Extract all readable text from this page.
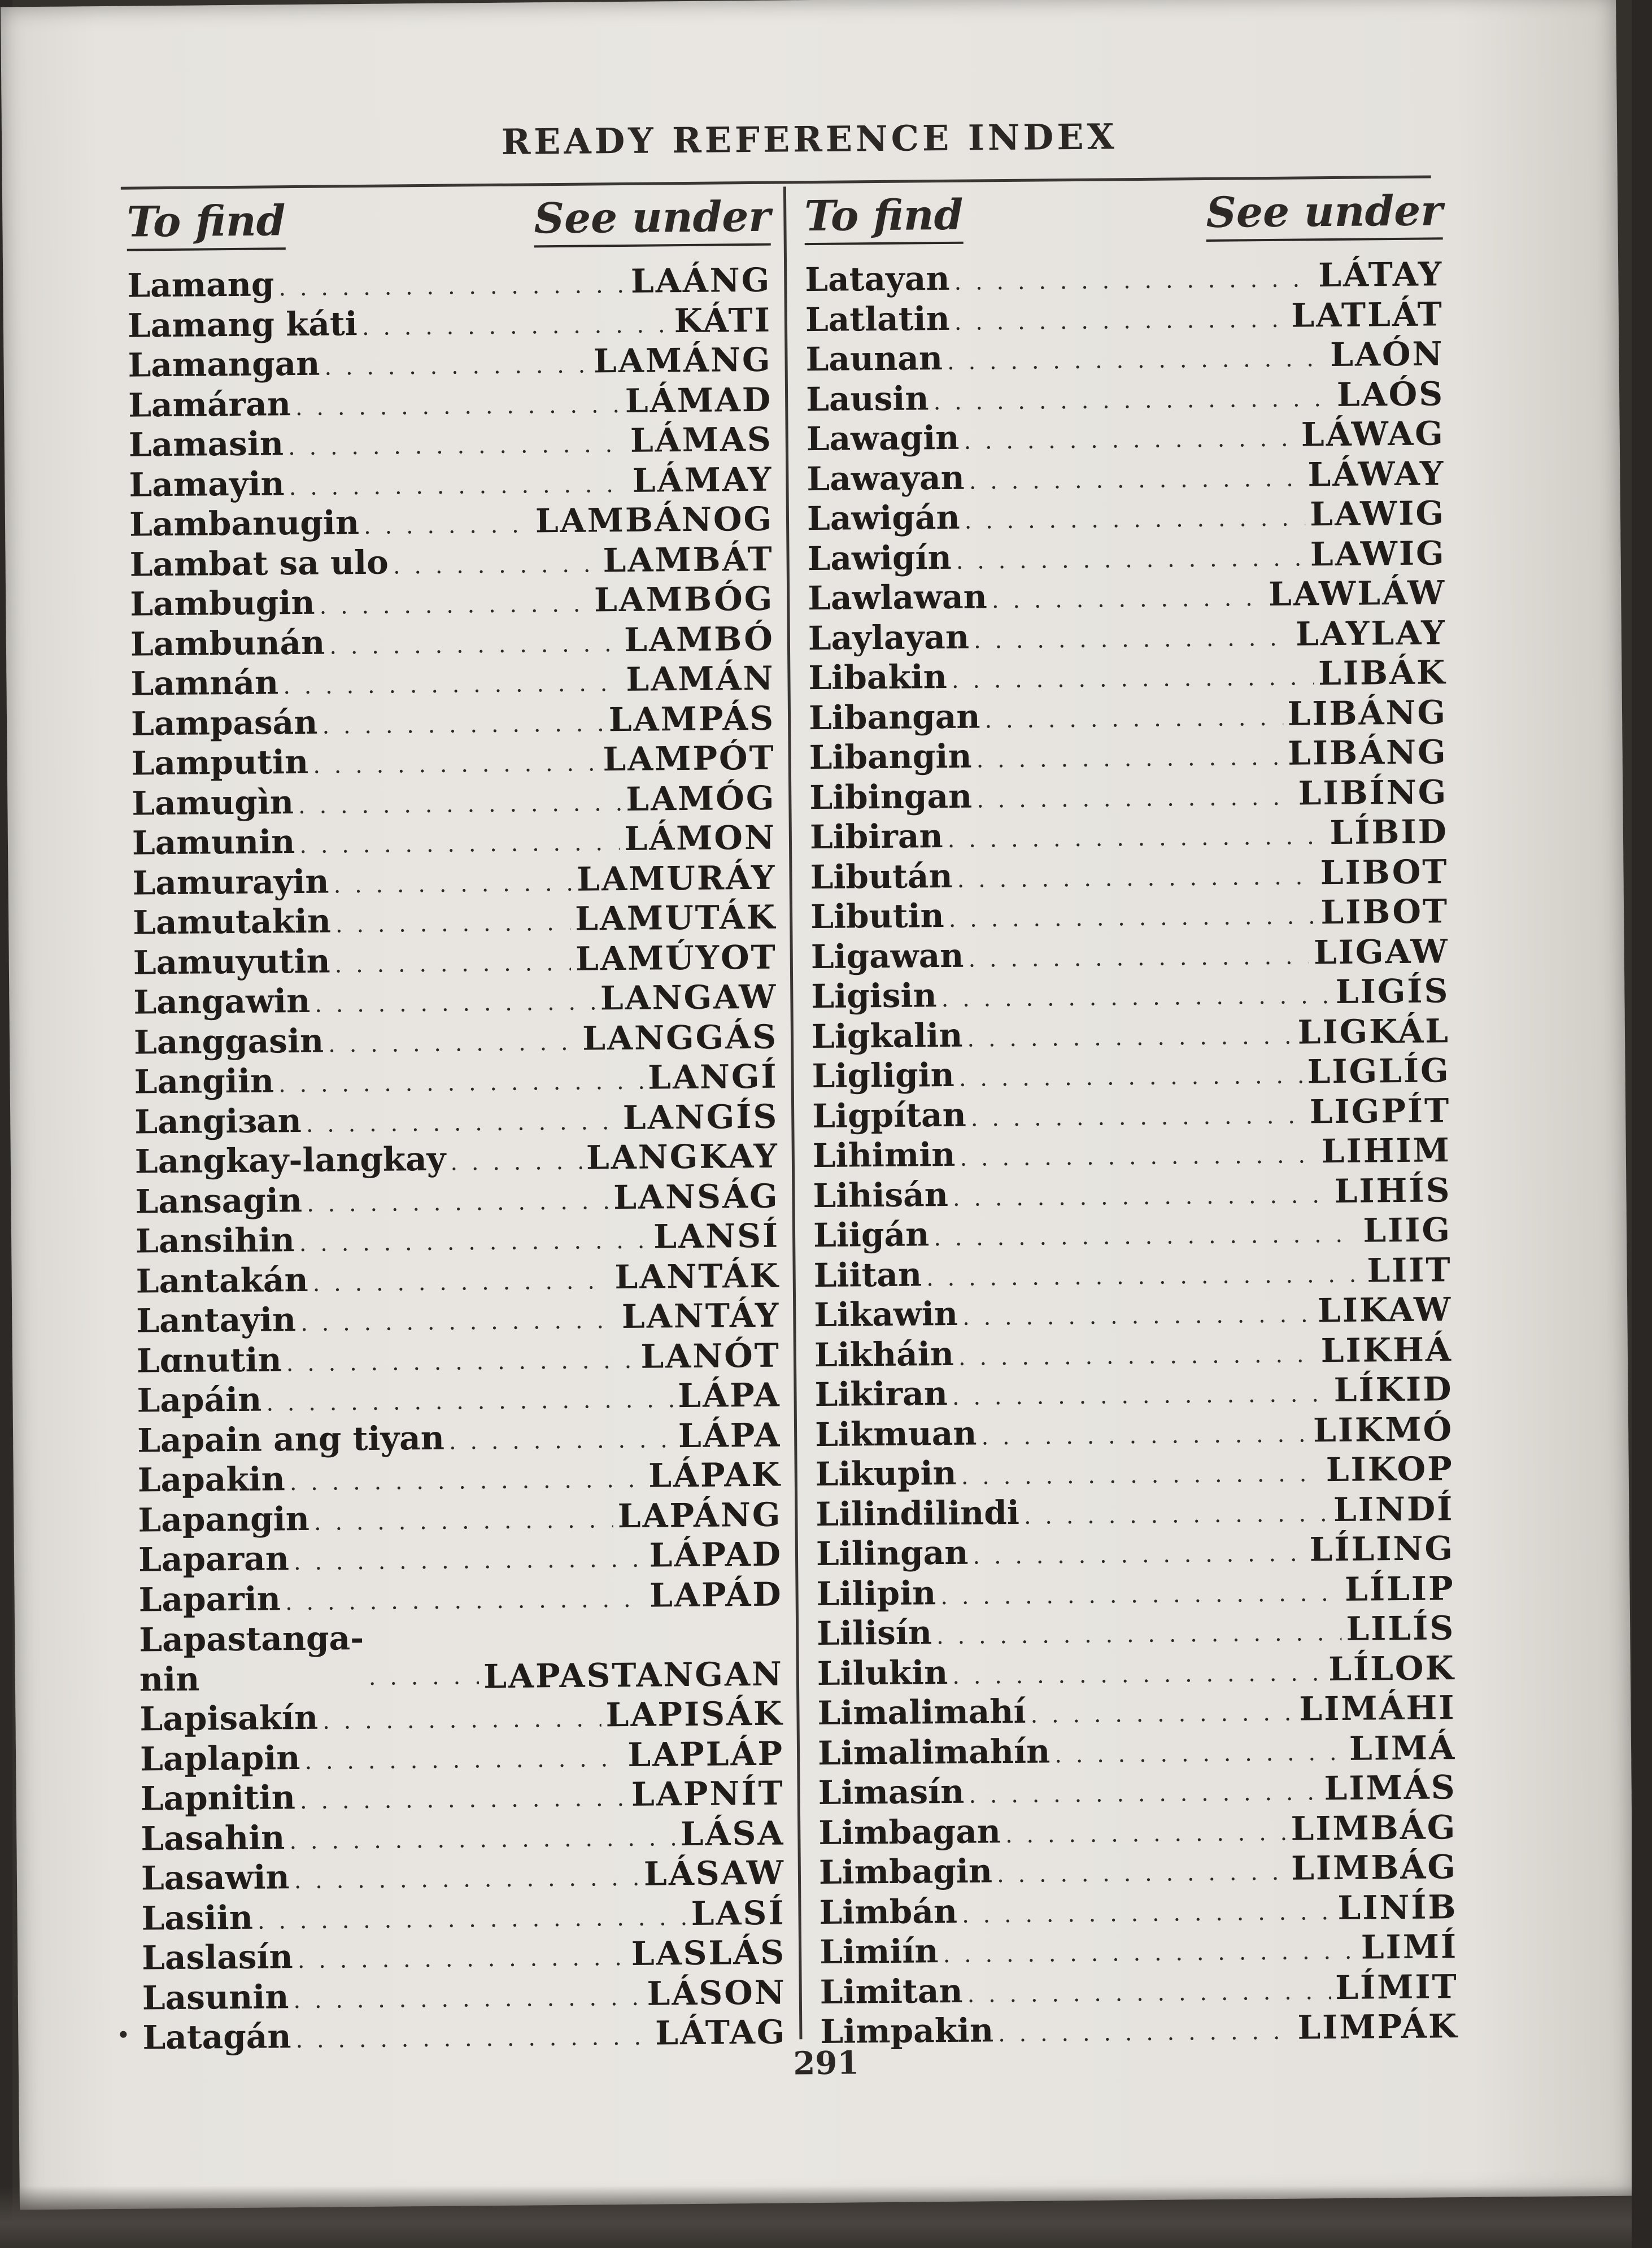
READY REFERENCE INDEX
To find	See under
Lamang . . .	LAÁNG
Lamang káti . . .	KÁTI
Lamangan . . .	LAMÁNG
Lamáran . . .	LÁMAD
Lamasin . . .	LÁMAS
Lamayin . . .	LÁMAY
Lambanugin . . .	LAMBÁNOG
Lambat sa ulo . . .	LAMBÁT
Lambugin . . .	LAMBÓG
Lambunán . . .	LAMBÓ
Lamnán . . .	LAMÁN
Lampasán . . .	LAMPÁS
Lamputin . . .	LAMPÓT
Lamugìn . . .	LAMÓG
Lamunin . . .	LÁMON
Lamurayin . . .	LAMURÁY
Lamutakin . . .	LAMUTÁK
Lamuyutin . . .	LAMÚYOT
Langawin . . .	LANGAW
Langgasin . . .	LANGGÁS
Langiin . . .	LANGÍ
Langiɜan . . .	LANGÍS
Langkay-langkay . . .	LANGKAY
Lansagin . . .	LANSÁG
Lansihin . . .	LANSÍ
Lantakán . . .	LANTÁK
Lantayin . . .	LANTÁY
Lɑnutin . . .	LANÓT
Lapáin . . .	LÁPA
Lapain ang tiyan . . .	LÁPA
Lapakin . . .	LÁPAK
Lapangin . . .	LAPÁNG
Laparan . . .	LÁPAD
Laparin . . .	LAPÁD
Lapastanga-
nin . . .	LAPASTANGAN
Lapisakín . . .	LAPISÁK
Laplapin . . .	LAPLÁP
Lapnitin . . .	LAPNÍT
Lasahin . . .	LÁSA
Lasawin . . .	LÁSAW
Lasiin . . .	LASÍ
Laslasín . . .	LASLÁS
Lasunin . . .	LÁSON
Latagán . . .	LÁTAG
To find	See under
Latayan . . .	LÁTAY
Latlatin . . .	LATLÁT
Launan . . .	LAÓN
Lausin . . .	LAÓS
Lawagin . . .	LÁWAG
Lawayan . . .	LÁWAY
Lawigán . . .	LAWIG
Lawigín . . .	LAWIG
Lawlawan . . .	LAWLÁW
Laylayan . . .	LAYLAY
Libakin . . .	LIBÁK
Libangan . . .	LIBÁNG
Libangin . . .	LIBÁNG
Libingan . . .	LIBÍNG
Libiran . . .	LÍBID
Libután . . .	LIBOT
Libutin . . .	LIBOT
Ligawan . . .	LIGAW
Ligisin . . .	LIGÍS
Ligkalin . . .	LIGKÁL
Ligligin . . .	LIGLÍG
Ligpítan . . .	LIGPÍT
Lihimin . . .	LIHIM
Lihisán . . .	LIHÍS
Liigán . . .	LIIG
Liitan . . .	LIIT
Likawin . . .	LIKAW
Likháin . . .	LIKHÁ
Likiran . . .	LÍKID
Likmuan . . .	LIKMÓ
Likupin . . .	LIKOP
Lilindilindi . . .	LINDÍ
Lilingan . . .	LÍLING
Lilipin . . .	LÍLIP
Lilisín . . .	LILÍS
Lilukin . . .	LÍLOK
Limalimahí . . .	LIMÁHI
Limalimahín . . .	LIMÁ
Limasín . . .	LIMÁS
Limbagan . . .	LIMBÁG
Limbagin . . .	LIMBÁG
Limbán . . .	LINÍB
Limiín . . .	LIMÍ
Limitan . . .	LÍMIT
Limpakin . . .	LIMPÁK
291
